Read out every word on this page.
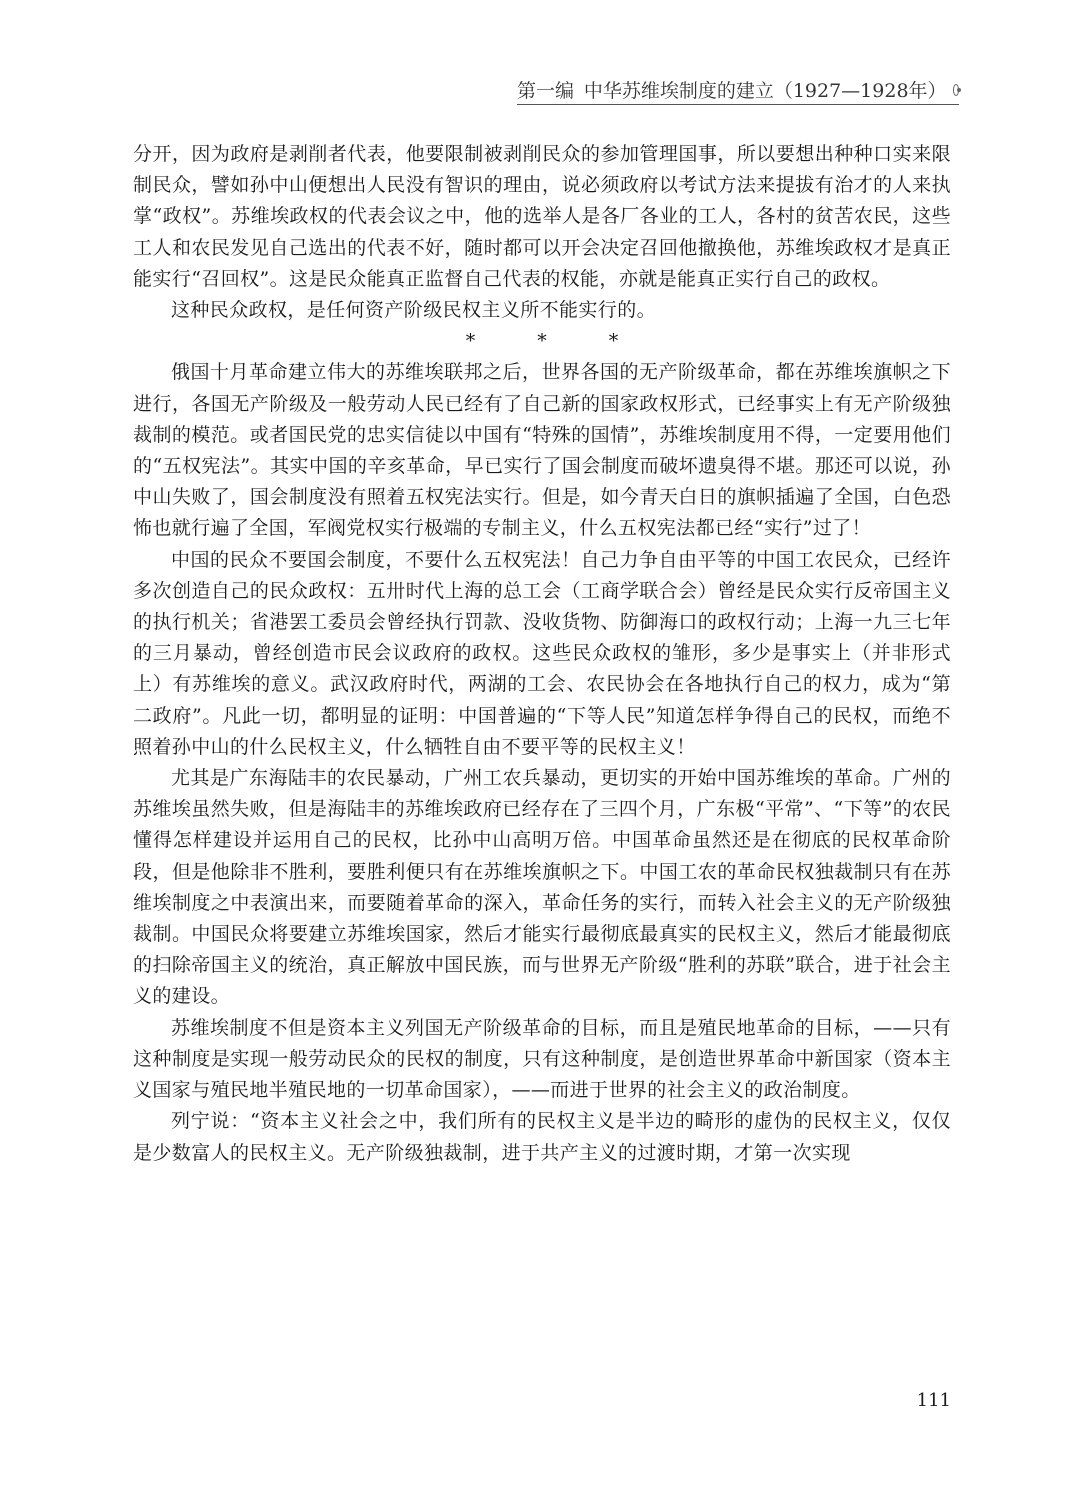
第一编 中华苏维埃制度的建立（1927—1928年）

分开，因为政府是剥削者代表，他要限制被剥削民众的参加管理国事，所以要想出种种口实来限制民众，譬如孙中山便想出人民没有智识的理由，说必须政府以考试方法来提拔有治才的人来执掌“政权”。苏维埃政权的代表会议之中，他的选举人是各厂各业的工人，各村的贫苦农民，这些工人和农民发见自己选出的代表不好，随时都可以开会决定召回他撤换他，苏维埃政权才是真正能实行“召回权”。这是民众能真正监督自己代表的权能，亦就是能真正实行自己的政权。

这种民众政权，是任何资产阶级民权主义所不能实行的。

*	*	*

俄国十月革命建立伟大的苏维埃联邦之后，世界各国的无产阶级革命，都在苏维埃旗帜之下进行，各国无产阶级及一般劳动人民已经有了自己新的国家政权形式，已经事实上有无产阶级独裁制的模范。或者国民党的忠实信徒以中国有“特殊的国情”，苏维埃制度用不得，一定要用他们的“五权宪法”。其实中国的辛亥革命，早已实行了国会制度而破坏遗臭得不堪。那还可以说，孙中山失败了，国会制度没有照着五权宪法实行。但是，如今青天白日的旗帜插遍了全国，白色恐怖也就行遍了全国，军阀党权实行极端的专制主义，什么五权宪法都已经“实行”过了！

中国的民众不要国会制度，不要什么五权宪法！自己力争自由平等的中国工农民众，已经许多次创造自己的民众政权：五卅时代上海的总工会（工商学联合会）曾经是民众实行反帝国主义的执行机关；省港罢工委员会曾经执行罚款、没收货物、防御海口的政权行动；上海一九三七年的三月暴动，曾经创造市民会议政府的政权。这些民众政权的雏形，多少是事实上（并非形式上）有苏维埃的意义。武汉政府时代，两湖的工会、农民协会在各地执行自己的权力，成为“第二政府”。凡此一切，都明显的证明：中国普遍的“下等人民”知道怎样争得自己的民权，而绝不照着孙中山的什么民权主义，什么牺牲自由不要平等的民权主义！

尤其是广东海陆丰的农民暴动，广州工农兵暴动，更切实的开始中国苏维埃的革命。广州的苏维埃虽然失败，但是海陆丰的苏维埃政府已经存在了三四个月，广东极“平常”、“下等”的农民懂得怎样建设并运用自己的民权，比孙中山高明万倍。中国革命虽然还是在彻底的民权革命阶段，但是他除非不胜利，要胜利便只有在苏维埃旗帜之下。中国工农的革命民权独裁制只有在苏维埃制度之中表演出来，而要随着革命的深入，革命任务的实行，而转入社会主义的无产阶级独裁制。中国民众将要建立苏维埃国家，然后才能实行最彻底最真实的民权主义，然后才能最彻底的扫除帝国主义的统治，真正解放中国民族，而与世界无产阶级“胜利的苏联”联合，进于社会主义的建设。

苏维埃制度不但是资本主义列国无产阶级革命的目标，而且是殖民地革命的目标，——只有这种制度是实现一般劳动民众的民权的制度，只有这种制度，是创造世界革命中新国家（资本主义国家与殖民地半殖民地的一切革命国家），——而进于世界的社会主义的政治制度。

列宁说：“资本主义社会之中，我们所有的民权主义是半边的畸形的虚伪的民权主义，仅仅是少数富人的民权主义。无产阶级独裁制，进于共产主义的过渡时期，才第一次实现

111
